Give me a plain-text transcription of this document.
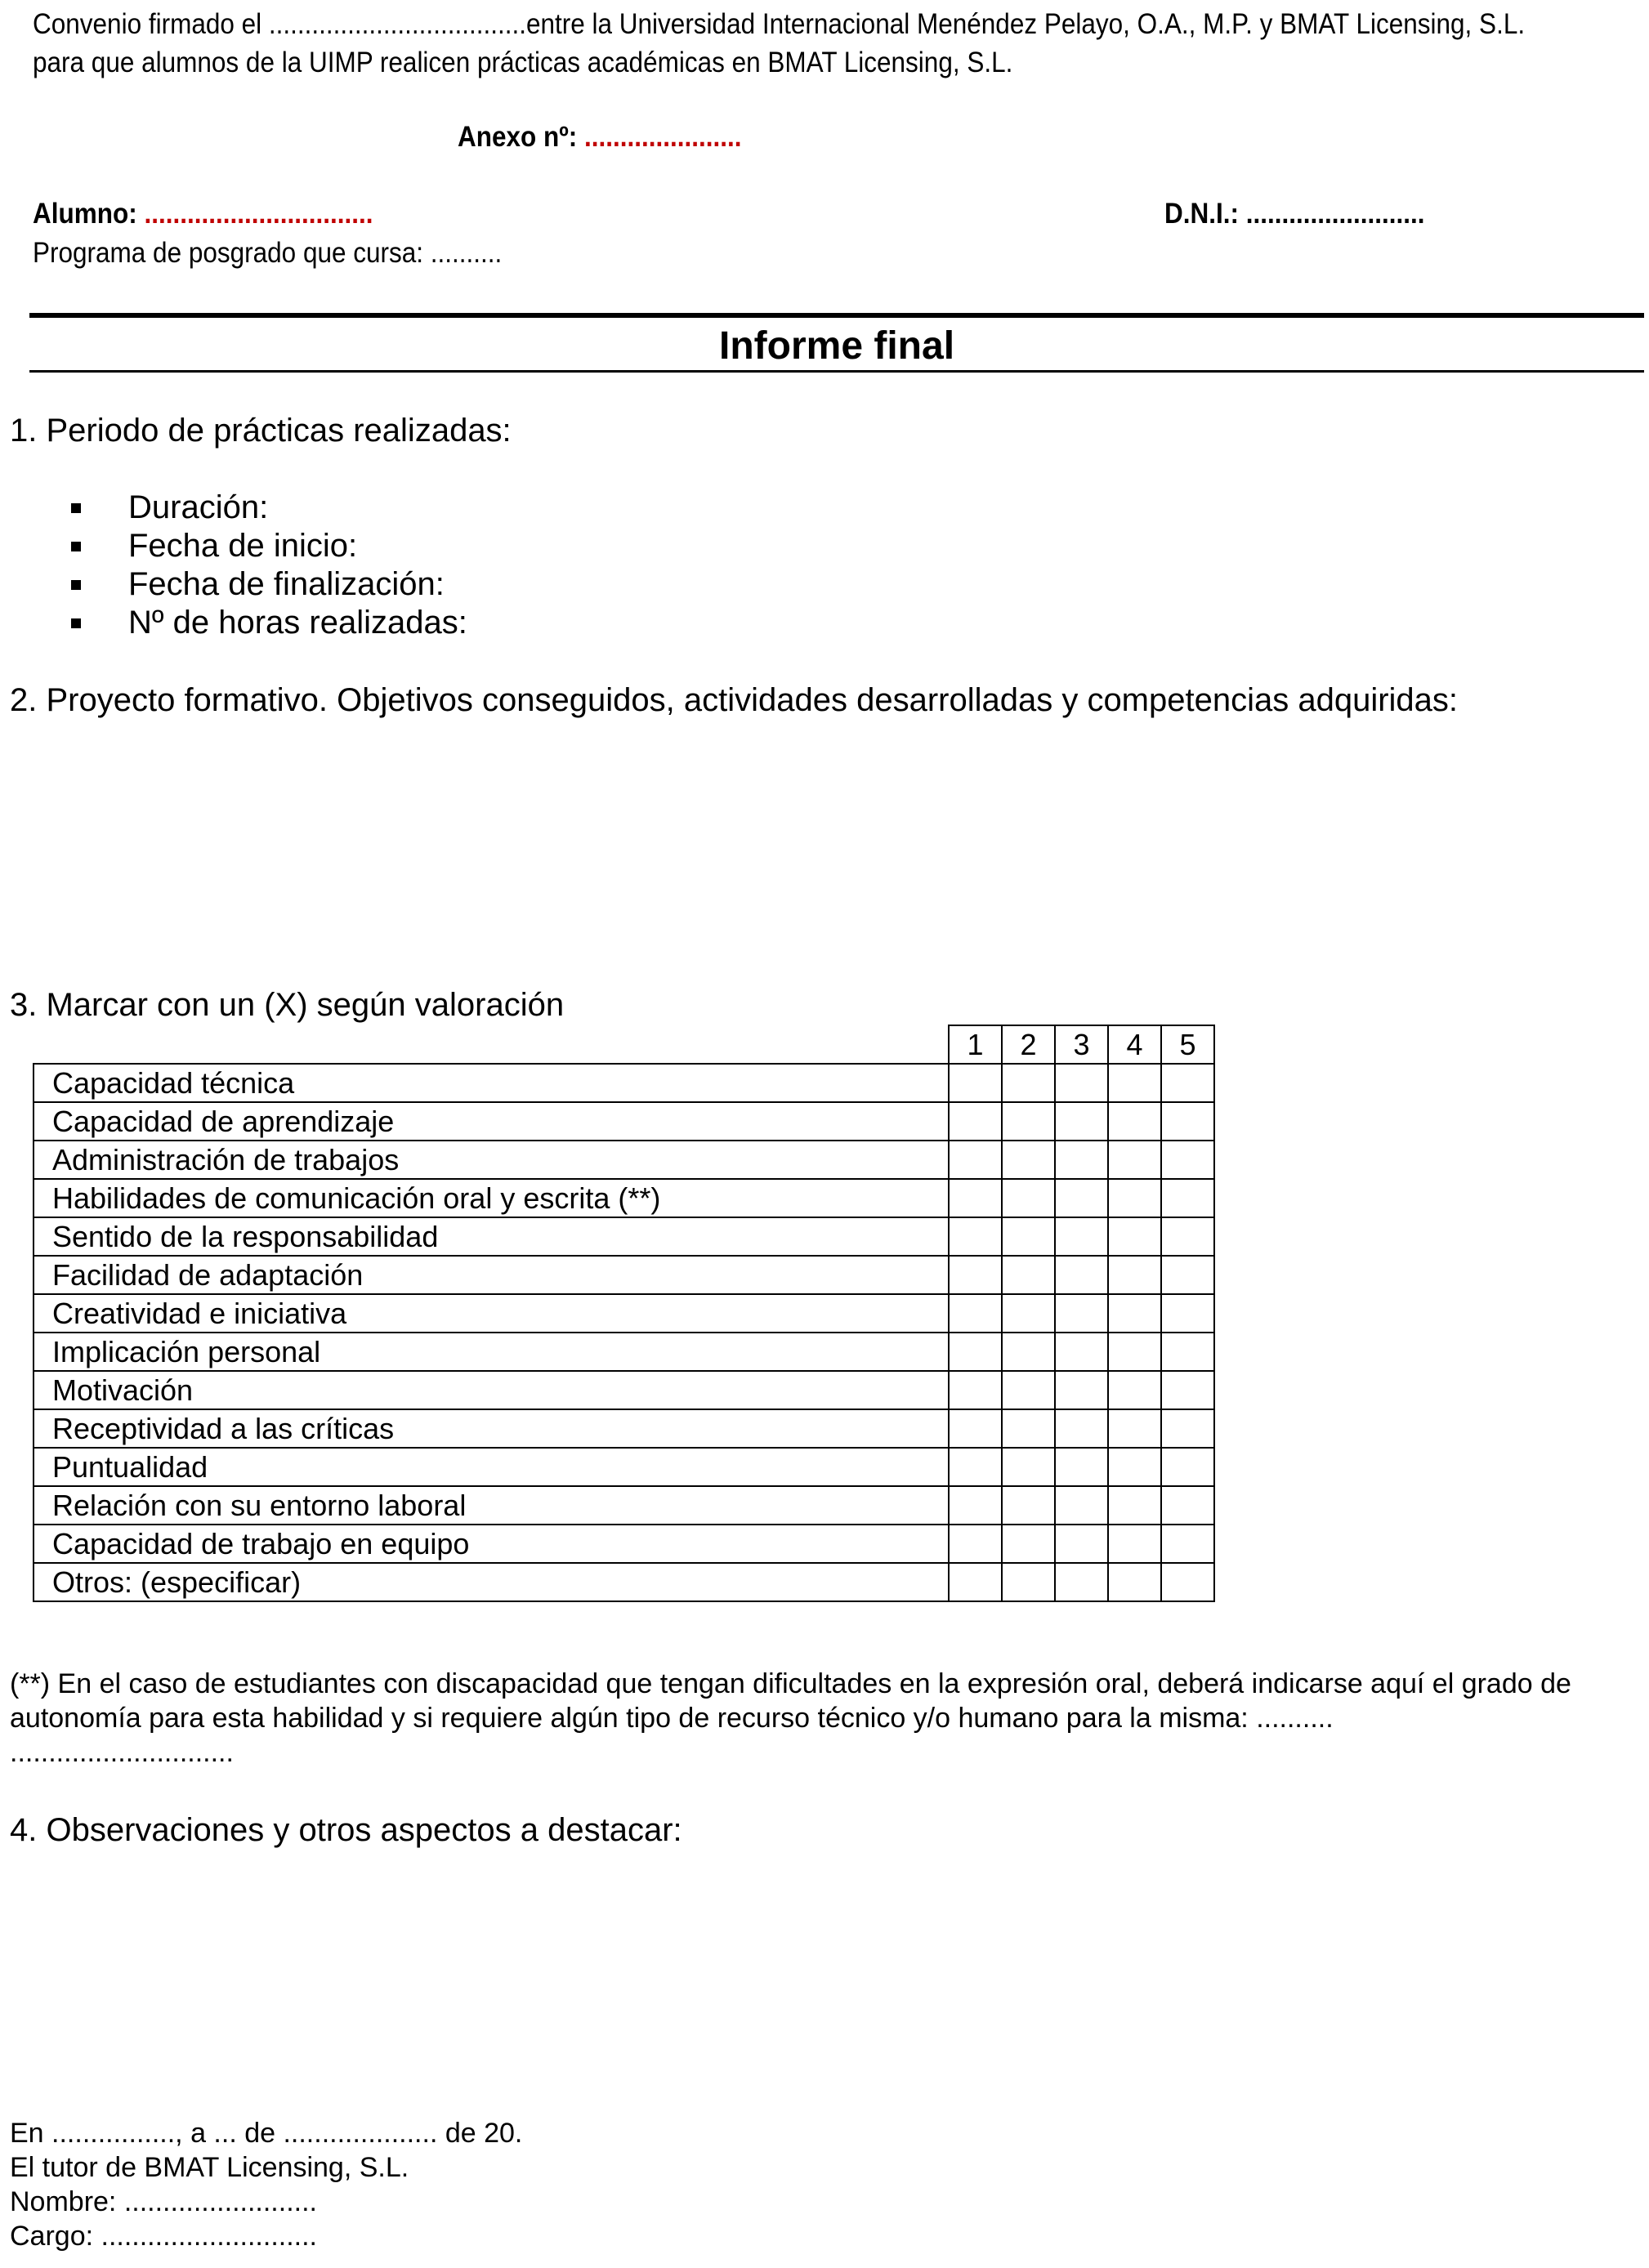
Convenio firmado el ....................................entre la Universidad Internacional Menéndez Pelayo, O.A., M.P. y BMAT Licensing, S.L.
para que alumnos de la UIMP realicen prácticas académicas en BMAT Licensing, S.L.
Anexo nº: ......................
Alumno: ................................	D.N.I.: .........................
Programa de posgrado que cursa: ..........
Informe final
1. Periodo de prácticas realizadas:
Duración:
Fecha de inicio:
Fecha de finalización:
Nº de horas realizadas:
2. Proyecto formativo. Objetivos conseguidos, actividades desarrolladas y competencias adquiridas:
3. Marcar con un (X) según valoración
	1	2	3	4	5
Capacidad técnica					
Capacidad de aprendizaje					
Administración de trabajos					
Habilidades de comunicación oral y escrita (**)					
Sentido de la responsabilidad					
Facilidad de adaptación					
Creatividad e iniciativa					
Implicación personal					
Motivación					
Receptividad a las críticas					
Puntualidad					
Relación con su entorno laboral					
Capacidad de trabajo en equipo					
Otros: (especificar)					
(**) En el caso de estudiantes con discapacidad que tengan dificultades en la expresión oral, deberá indicarse aquí el grado de
autonomía para esta habilidad y si requiere algún tipo de recurso técnico y/o humano para la misma: ..........
.............................
4. Observaciones y otros aspectos a destacar:
En ................, a ... de .................... de 20.
El tutor de BMAT Licensing, S.L.
Nombre: .........................
Cargo: ............................
